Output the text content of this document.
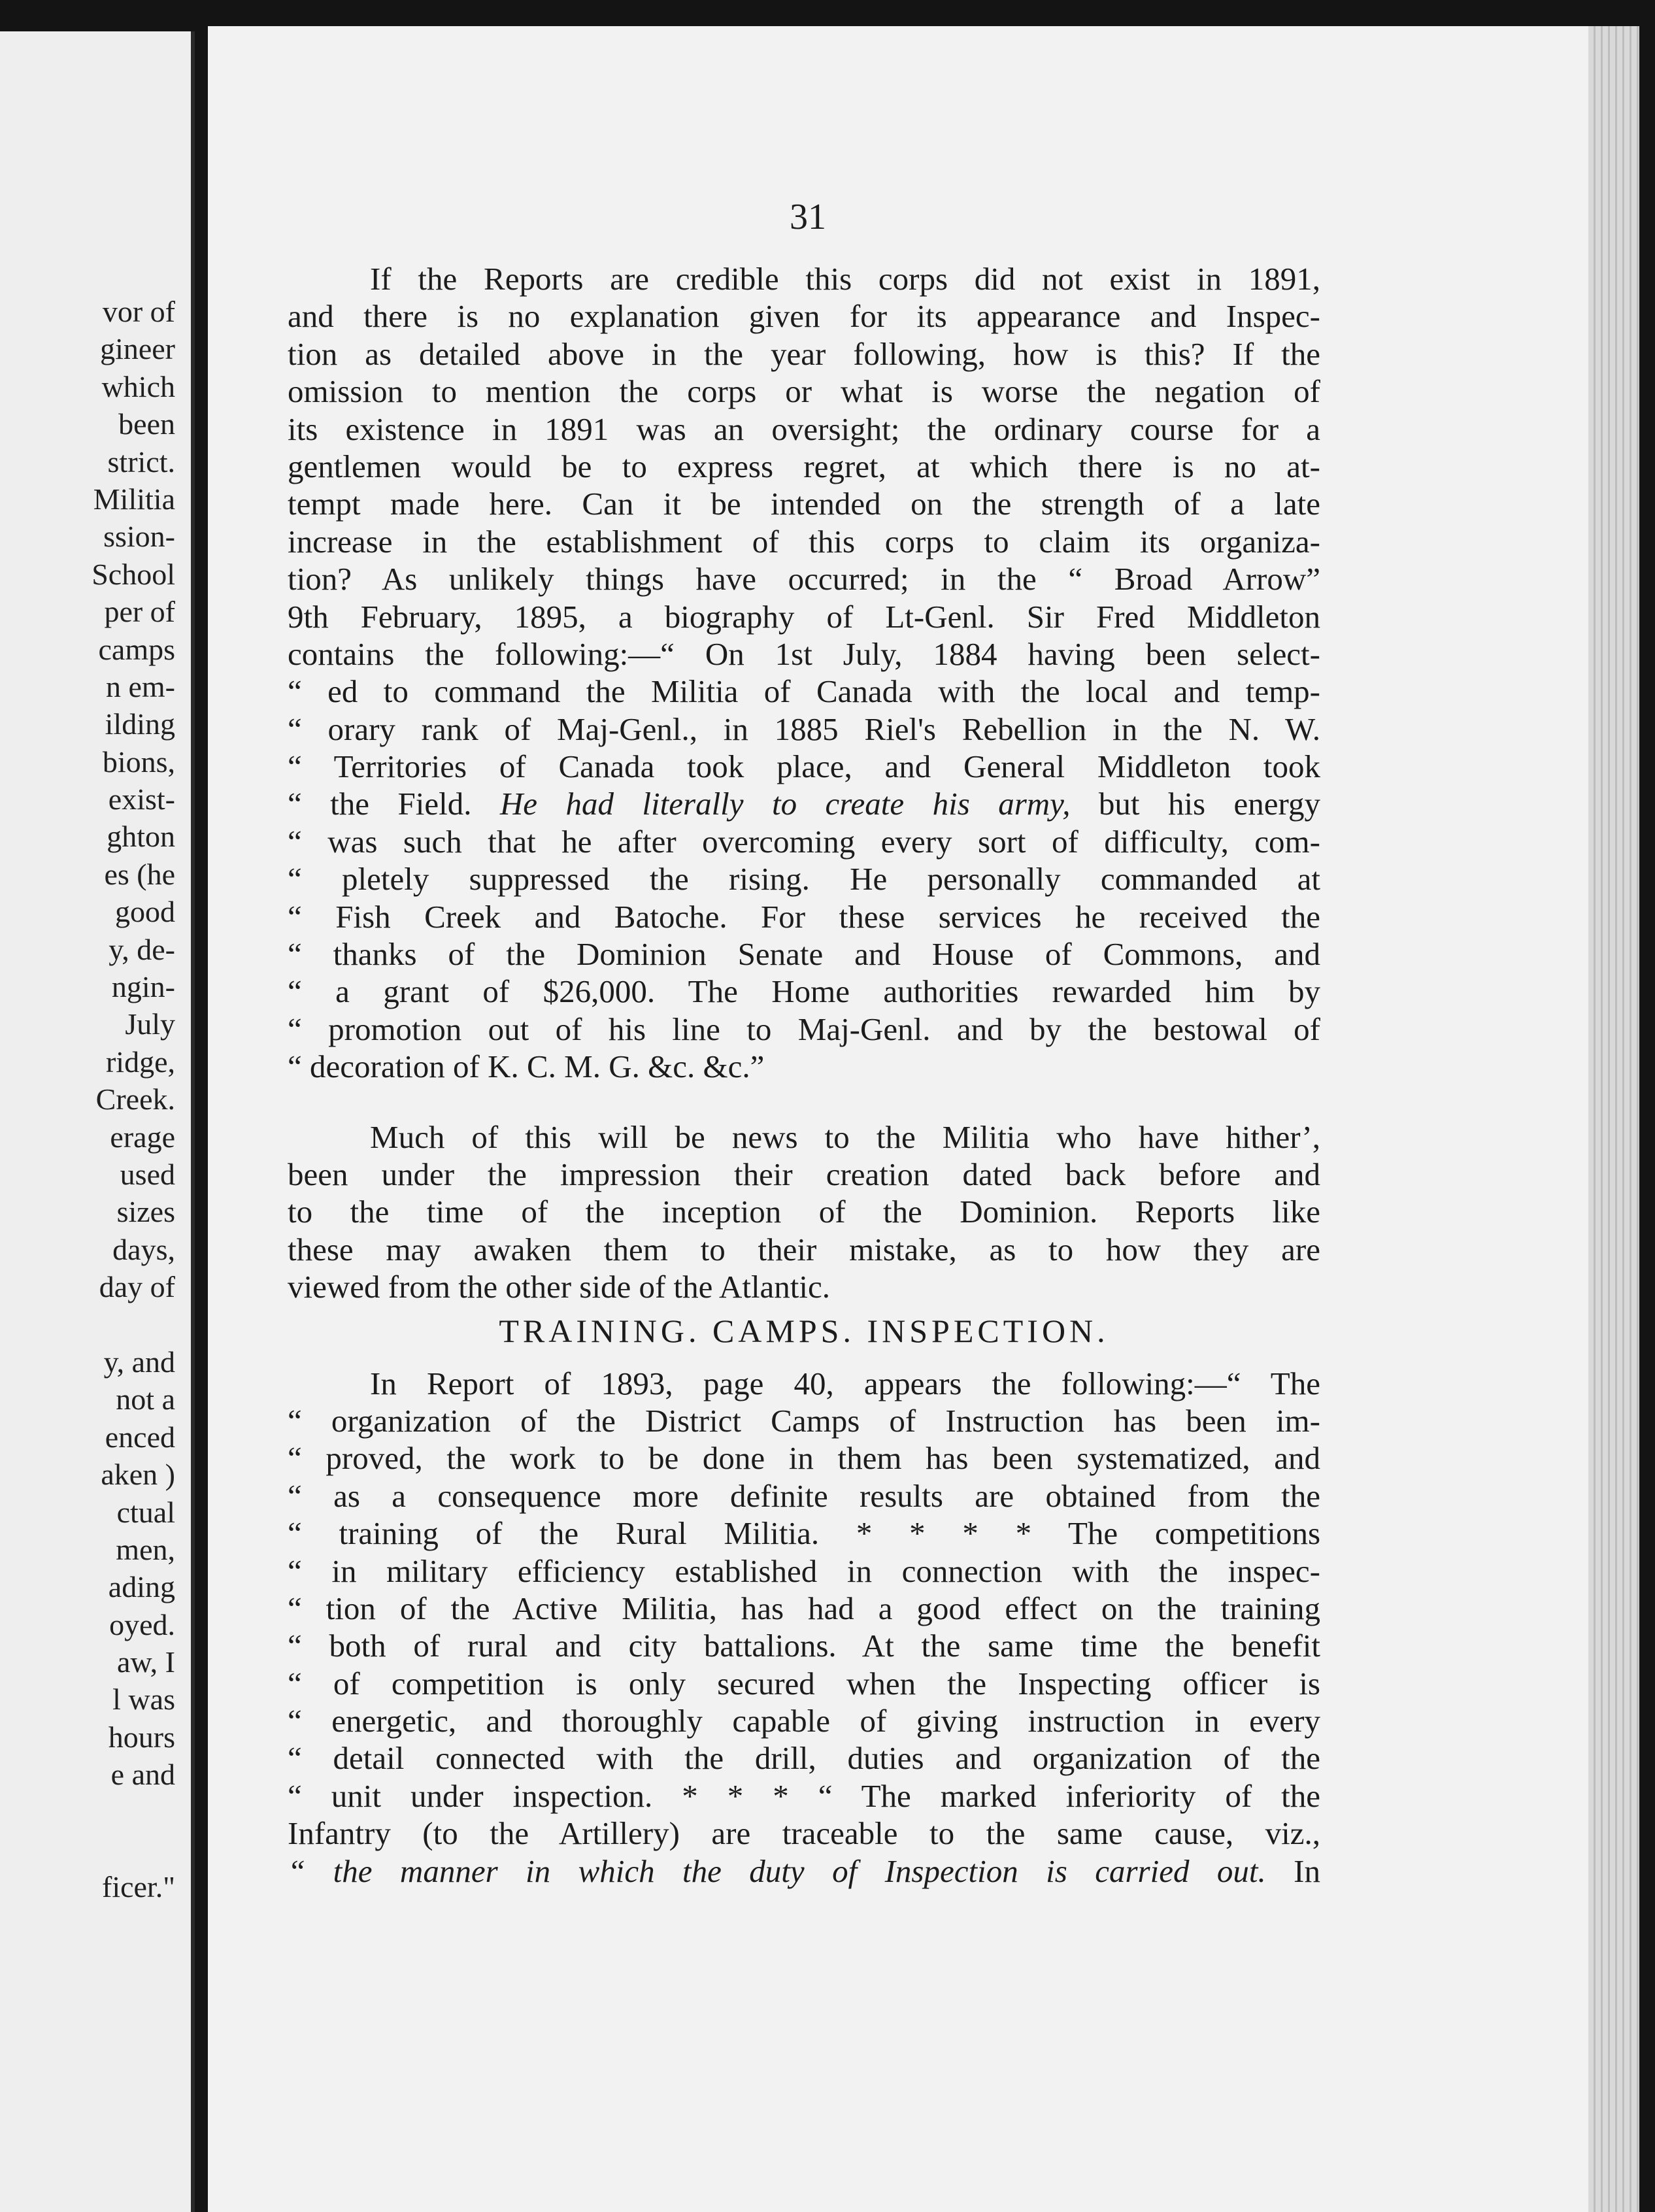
vor of
gineer
which
been
strict.
Militia
ssion-
School
per of
camps
n em-
ilding
bions,
exist-
ghton
es (he
good
y, de-
ngin-
July
ridge,
Creek.
erage
used
sizes
days,
day of
y, and
not a
enced
aken )
ctual
men,
ading
oyed.
aw, I
l was
hours
e and
ficer."
31
If the Reports are credible this corps did not exist in 1891,
and there is no explanation given for its appearance and Inspec-
tion as detailed above in the year following, how is this? If the
omission to mention the corps or what is worse the negation of
its existence in 1891 was an oversight; the ordinary course for a
gentlemen would be to express regret, at which there is no at-
tempt made here. Can it be intended on the strength of a late
increase in the establishment of this corps to claim its organiza-
tion? As unlikely things have occurred; in the “ Broad Arrow”
9th February, 1895, a biography of Lt-Genl. Sir Fred Middleton
contains the following:—“ On 1st July, 1884 having been select-
“ ed to command the Militia of Canada with the local and temp-
“ orary rank of Maj-Genl., in 1885 Riel's Rebellion in the N. W.
“ Territories of Canada took place, and General Middleton took
“ the Field. He had literally to create his army, but his energy
“ was such that he after overcoming every sort of difficulty, com-
“ pletely suppressed the rising. He personally commanded at
“ Fish Creek and Batoche. For these services he received the
“ thanks of the Dominion Senate and House of Commons, and
“ a grant of $26,000. The Home authorities rewarded him by
“ promotion out of his line to Maj-Genl. and by the bestowal of
“ decoration of K. C. M. G. &c. &c.”
Much of this will be news to the Militia who have hither’,
been under the impression their creation dated back before and
to the time of the inception of the Dominion. Reports like
these may awaken them to their mistake, as to how they are
viewed from the other side of the Atlantic.
TRAINING. CAMPS. INSPECTION.
In Report of 1893, page 40, appears the following:—“ The
“ organization of the District Camps of Instruction has been im-
“ proved, the work to be done in them has been systematized, and
“ as a consequence more definite results are obtained from the
“ training of the Rural Militia. * * * * The competitions
“ in military efficiency established in connection with the inspec-
“ tion of the Active Militia, has had a good effect on the training
“ both of rural and city battalions. At the same time the benefit
“ of competition is only secured when the Inspecting officer is
“ energetic, and thoroughly capable of giving instruction in every
“ detail connected with the drill, duties and organization of the
“ unit under inspection. * * * “ The marked inferiority of the
Infantry (to the Artillery) are traceable to the same cause, viz.,
“ the manner in which the duty of Inspection is carried out. In
